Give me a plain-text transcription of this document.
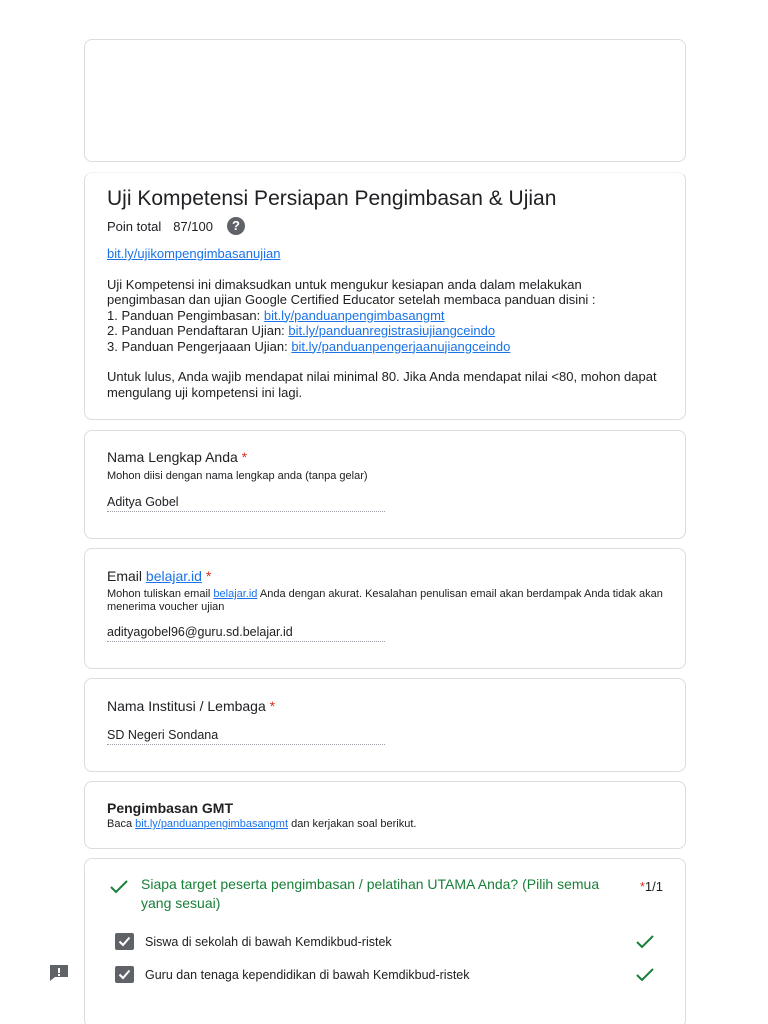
Uji Kompetensi Persiapan Pengimbasan & Ujian
Poin total 87/100	?

bit.ly/ujikompengimbasanujian

Uji Kompetensi ini dimaksudkan untuk mengukur kesiapan anda dalam melakukan pengimbasan dan ujian Google Certified Educator setelah membaca panduan disini :

1. Panduan Pengimbasan: bit.ly/panduanpengimbasangmt

2. Panduan Pendaftaran Ujian: bit.ly/panduanregistrasiujiangceindo

3. Panduan Pengerjaaan Ujian: bit.ly/panduanpengerjaanujiangceindo

Untuk lulus, Anda wajib mendapat nilai minimal 80. Jika Anda mendapat nilai <80, mohon dapat mengulang uji kompetensi ini lagi.

Nama Lengkap Anda *
Mohon diisi dengan nama lengkap anda (tanpa gelar)
Aditya Gobel
Email belajar.id *
Mohon tuliskan email belajar.id Anda dengan akurat. Kesalahan penulisan email akan berdampak Anda tidak akan menerima voucher ujian
adityagobel96@guru.sd.belajar.id
Nama Institusi / Lembaga *
SD Negeri Sondana
Pengimbasan GMT
Baca bit.ly/panduanpengimbasangmt dan kerjakan soal berikut.
Siapa target peserta pengimbasan / pelatihan UTAMA Anda? (Pilih semua yang sesuai)
*1/1
Siswa di sekolah di bawah Kemdikbud-ristek
Guru dan tenaga kependidikan di bawah Kemdikbud-ristek
